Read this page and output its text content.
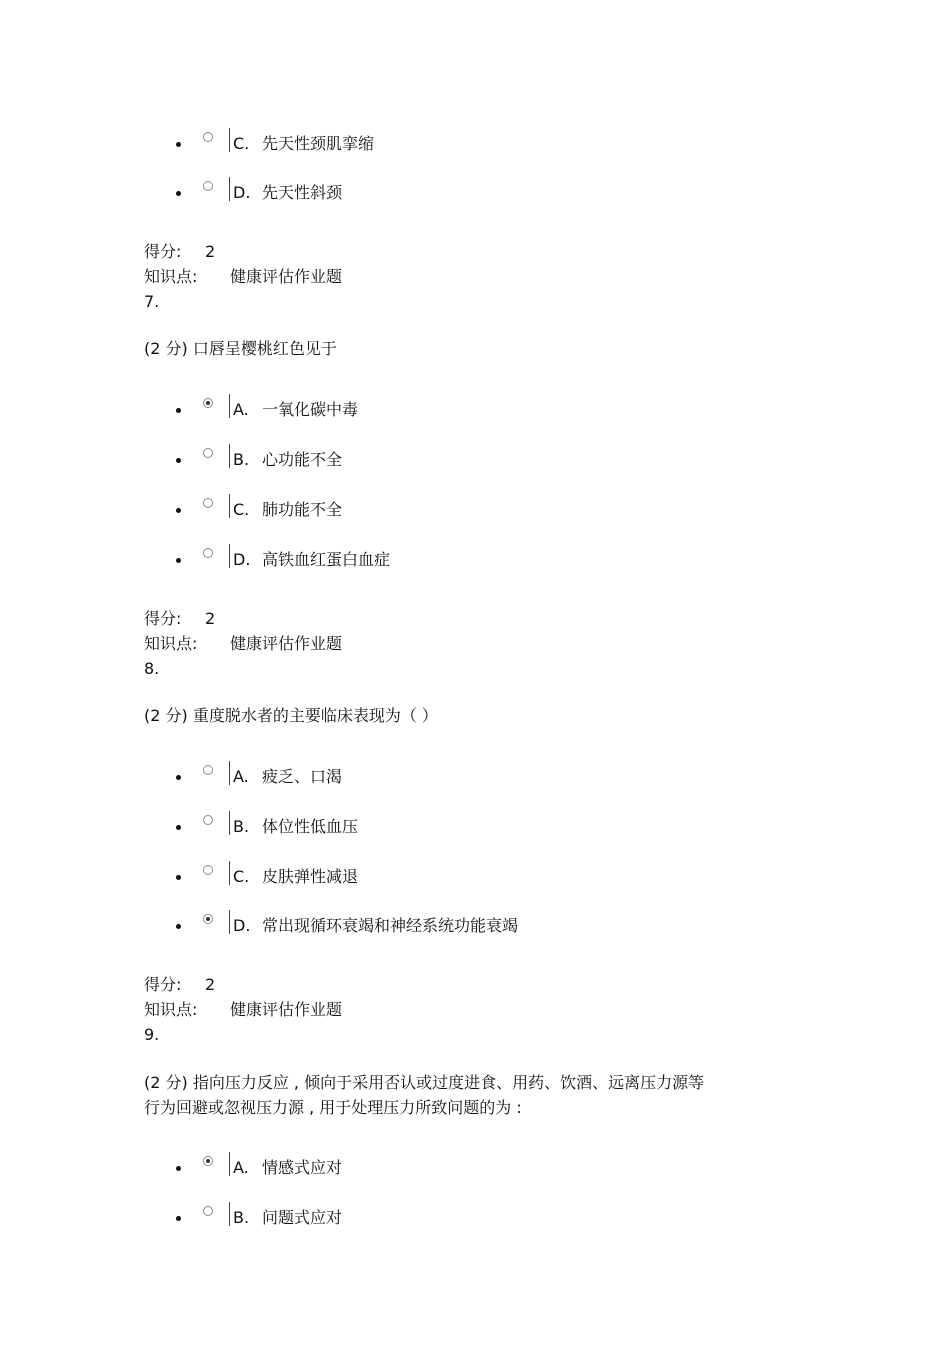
C. 先天性颈肌挛缩
D. 先天性斜颈
得分: 2
知识点: 健康评估作业题
7.
(2 分) 口唇呈樱桃红色见于
A. 一氧化碳中毒
B. 心功能不全
C. 肺功能不全
D. 高铁血红蛋白血症
得分: 2
知识点: 健康评估作业题
8.
(2 分) 重度脱水者的主要临床表现为（ ）
A. 疲乏、口渴
B. 体位性低血压
C. 皮肤弹性减退
D. 常出现循环衰竭和神经系统功能衰竭
得分: 2
知识点: 健康评估作业题
9.
(2 分) 指向压力反应 , 倾向于采用否认或过度进食、用药、饮酒、远离压力源等
行为回避或忽视压力源 , 用于处理压力所致问题的为 :
A. 情感式应对
B. 问题式应对
